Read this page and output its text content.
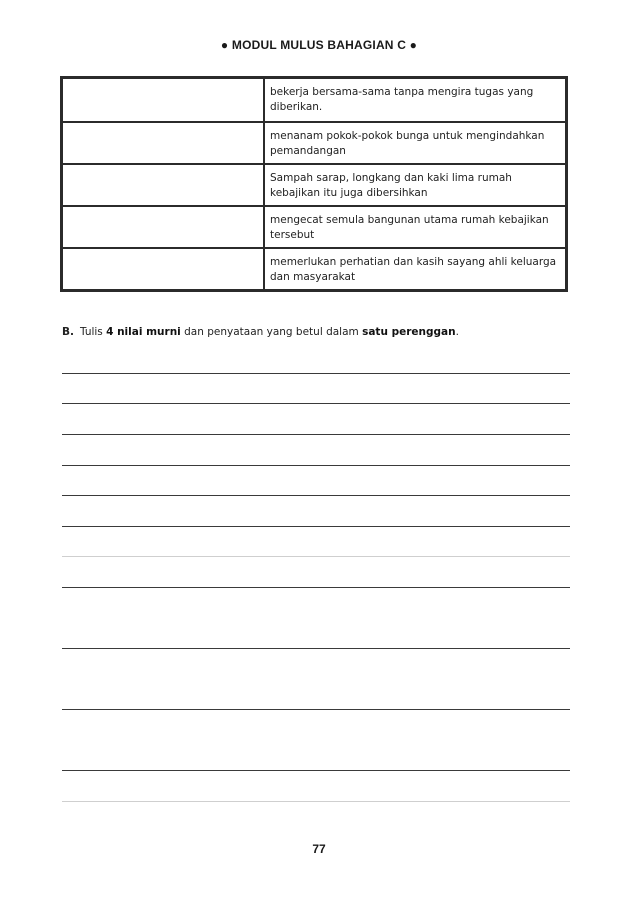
● MODUL MULUS BAHAGIAN C ●
	bekerja bersama-sama tanpa mengira tugas yang diberikan.
	menanam pokok-pokok bunga untuk mengindahkan pemandangan
	Sampah sarap, longkang dan kaki lima rumah kebajikan itu juga dibersihkan
	mengecat semula bangunan utama rumah kebajikan tersebut
	memerlukan perhatian dan kasih sayang ahli keluarga dan masyarakat
B. Tulis 4 nilai murni dan penyataan yang betul dalam satu perenggan.
77
